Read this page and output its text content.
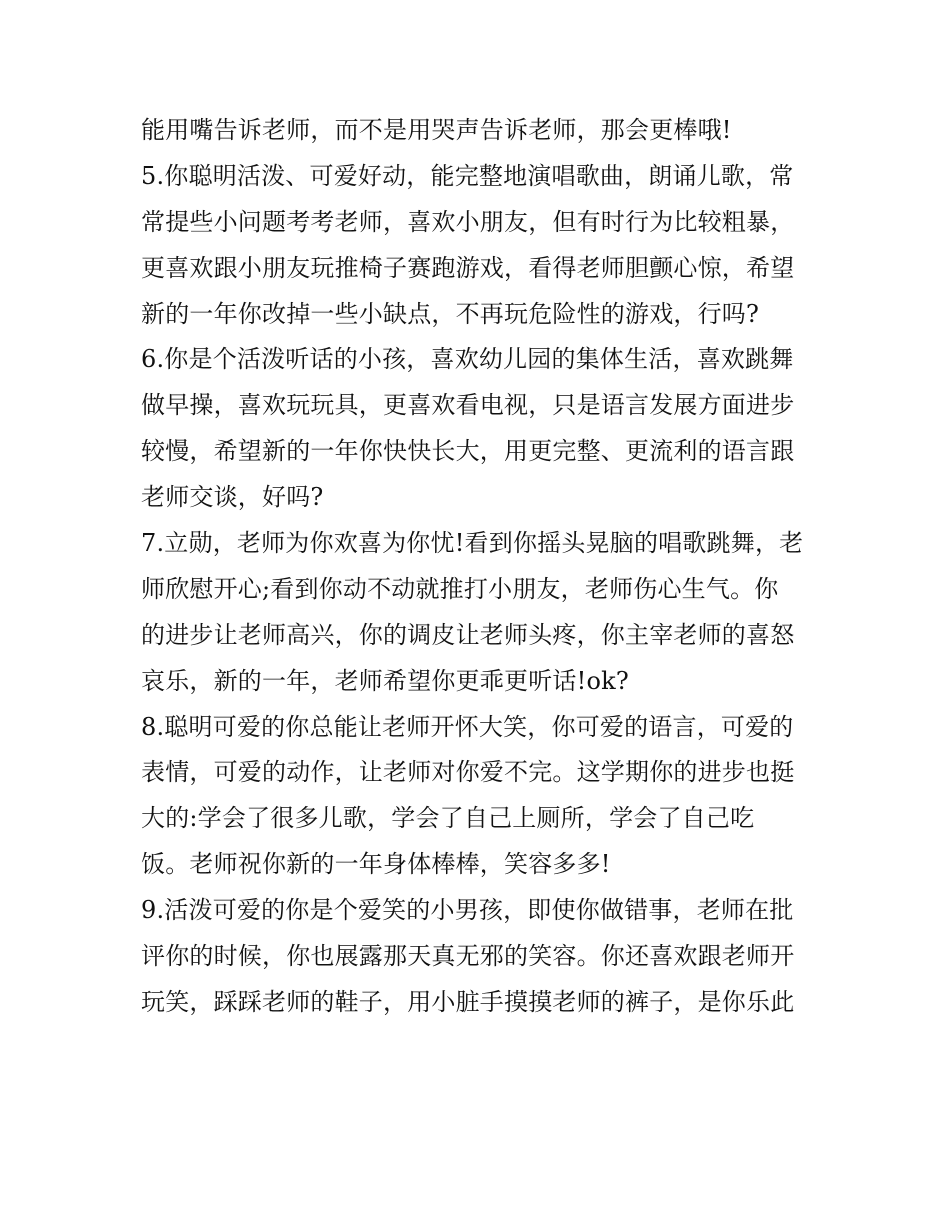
能用嘴告诉老师，而不是用哭声告诉老师，那会更棒哦!
5.你聪明活泼、可爱好动，能完整地演唱歌曲，朗诵儿歌，常
常提些小问题考考老师，喜欢小朋友，但有时行为比较粗暴，
更喜欢跟小朋友玩推椅子赛跑游戏，看得老师胆颤心惊，希望
新的一年你改掉一些小缺点，不再玩危险性的游戏，行吗?
6.你是个活泼听话的小孩，喜欢幼儿园的集体生活，喜欢跳舞
做早操，喜欢玩玩具，更喜欢看电视，只是语言发展方面进步
较慢，希望新的一年你快快长大，用更完整、更流利的语言跟
老师交谈，好吗?
7.立勋，老师为你欢喜为你忧!看到你摇头晃脑的唱歌跳舞，老
师欣慰开心;看到你动不动就推打小朋友，老师伤心生气。你
的进步让老师高兴，你的调皮让老师头疼，你主宰老师的喜怒
哀乐，新的一年，老师希望你更乖更听话!ok?
8.聪明可爱的你总能让老师开怀大笑，你可爱的语言，可爱的
表情，可爱的动作，让老师对你爱不完。这学期你的进步也挺
大的:学会了很多儿歌，学会了自己上厕所，学会了自己吃
饭。老师祝你新的一年身体棒棒，笑容多多!
9.活泼可爱的你是个爱笑的小男孩，即使你做错事，老师在批
评你的时候，你也展露那天真无邪的笑容。你还喜欢跟老师开
玩笑，踩踩老师的鞋子，用小脏手摸摸老师的裤子，是你乐此
